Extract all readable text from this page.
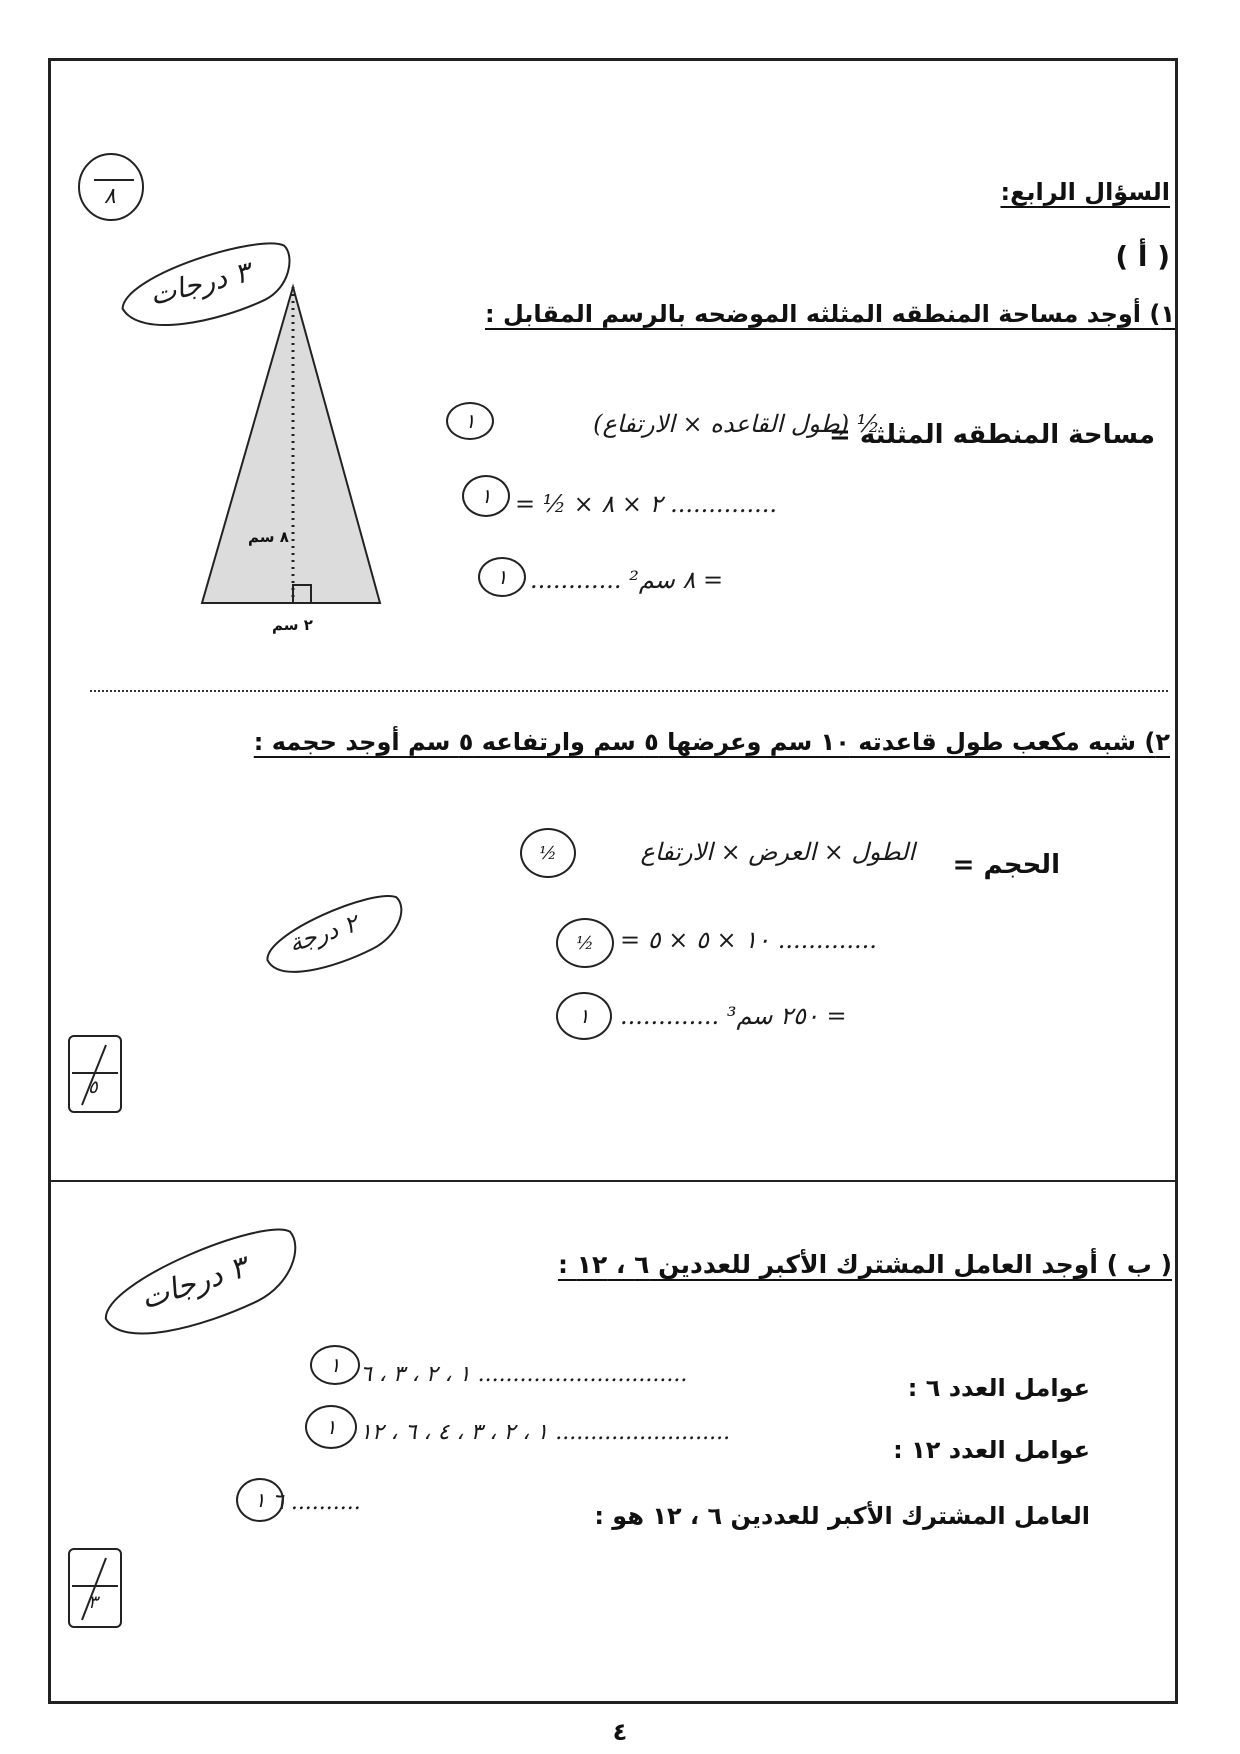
السؤال الرابع:
( أ )
٨
١) أوجد مساحة المنطقه المثلثه الموضحه بالرسم المقابل :
٨ سم
٢ سم
٣ درجات
مساحة المنطقه المثلثه =
½ (طول القاعده × الارتفاع)
١
= ½ × ٢ × ٨ ..............
١
= ٨ سم² ............
١
٢) شبه مكعب طول قاعدته ١٠ سم وعرضها ٥ سم وارتفاعه ٥ سم أوجد حجمه :
الحجم =
الطول × العرض × الارتفاع
½
٢ درجة
= ١٠ × ٥ × ٥ .............
½
= ٢٥٠ سم³ .............
١
٥
( ب ) أوجد العامل المشترك الأكبر للعددين ٦ ، ١٢ :
٣ درجات
عوامل العدد ٦ :
١ ، ٢ ، ٣ ، ٦ ..............................
١
عوامل العدد ١٢ :
١ ، ٢ ، ٣ ، ٤ ، ٦ ، ١٢ .........................
١
العامل المشترك الأكبر للعددين ٦ ، ١٢ هو :
٦ ..........
١
٣
٤
